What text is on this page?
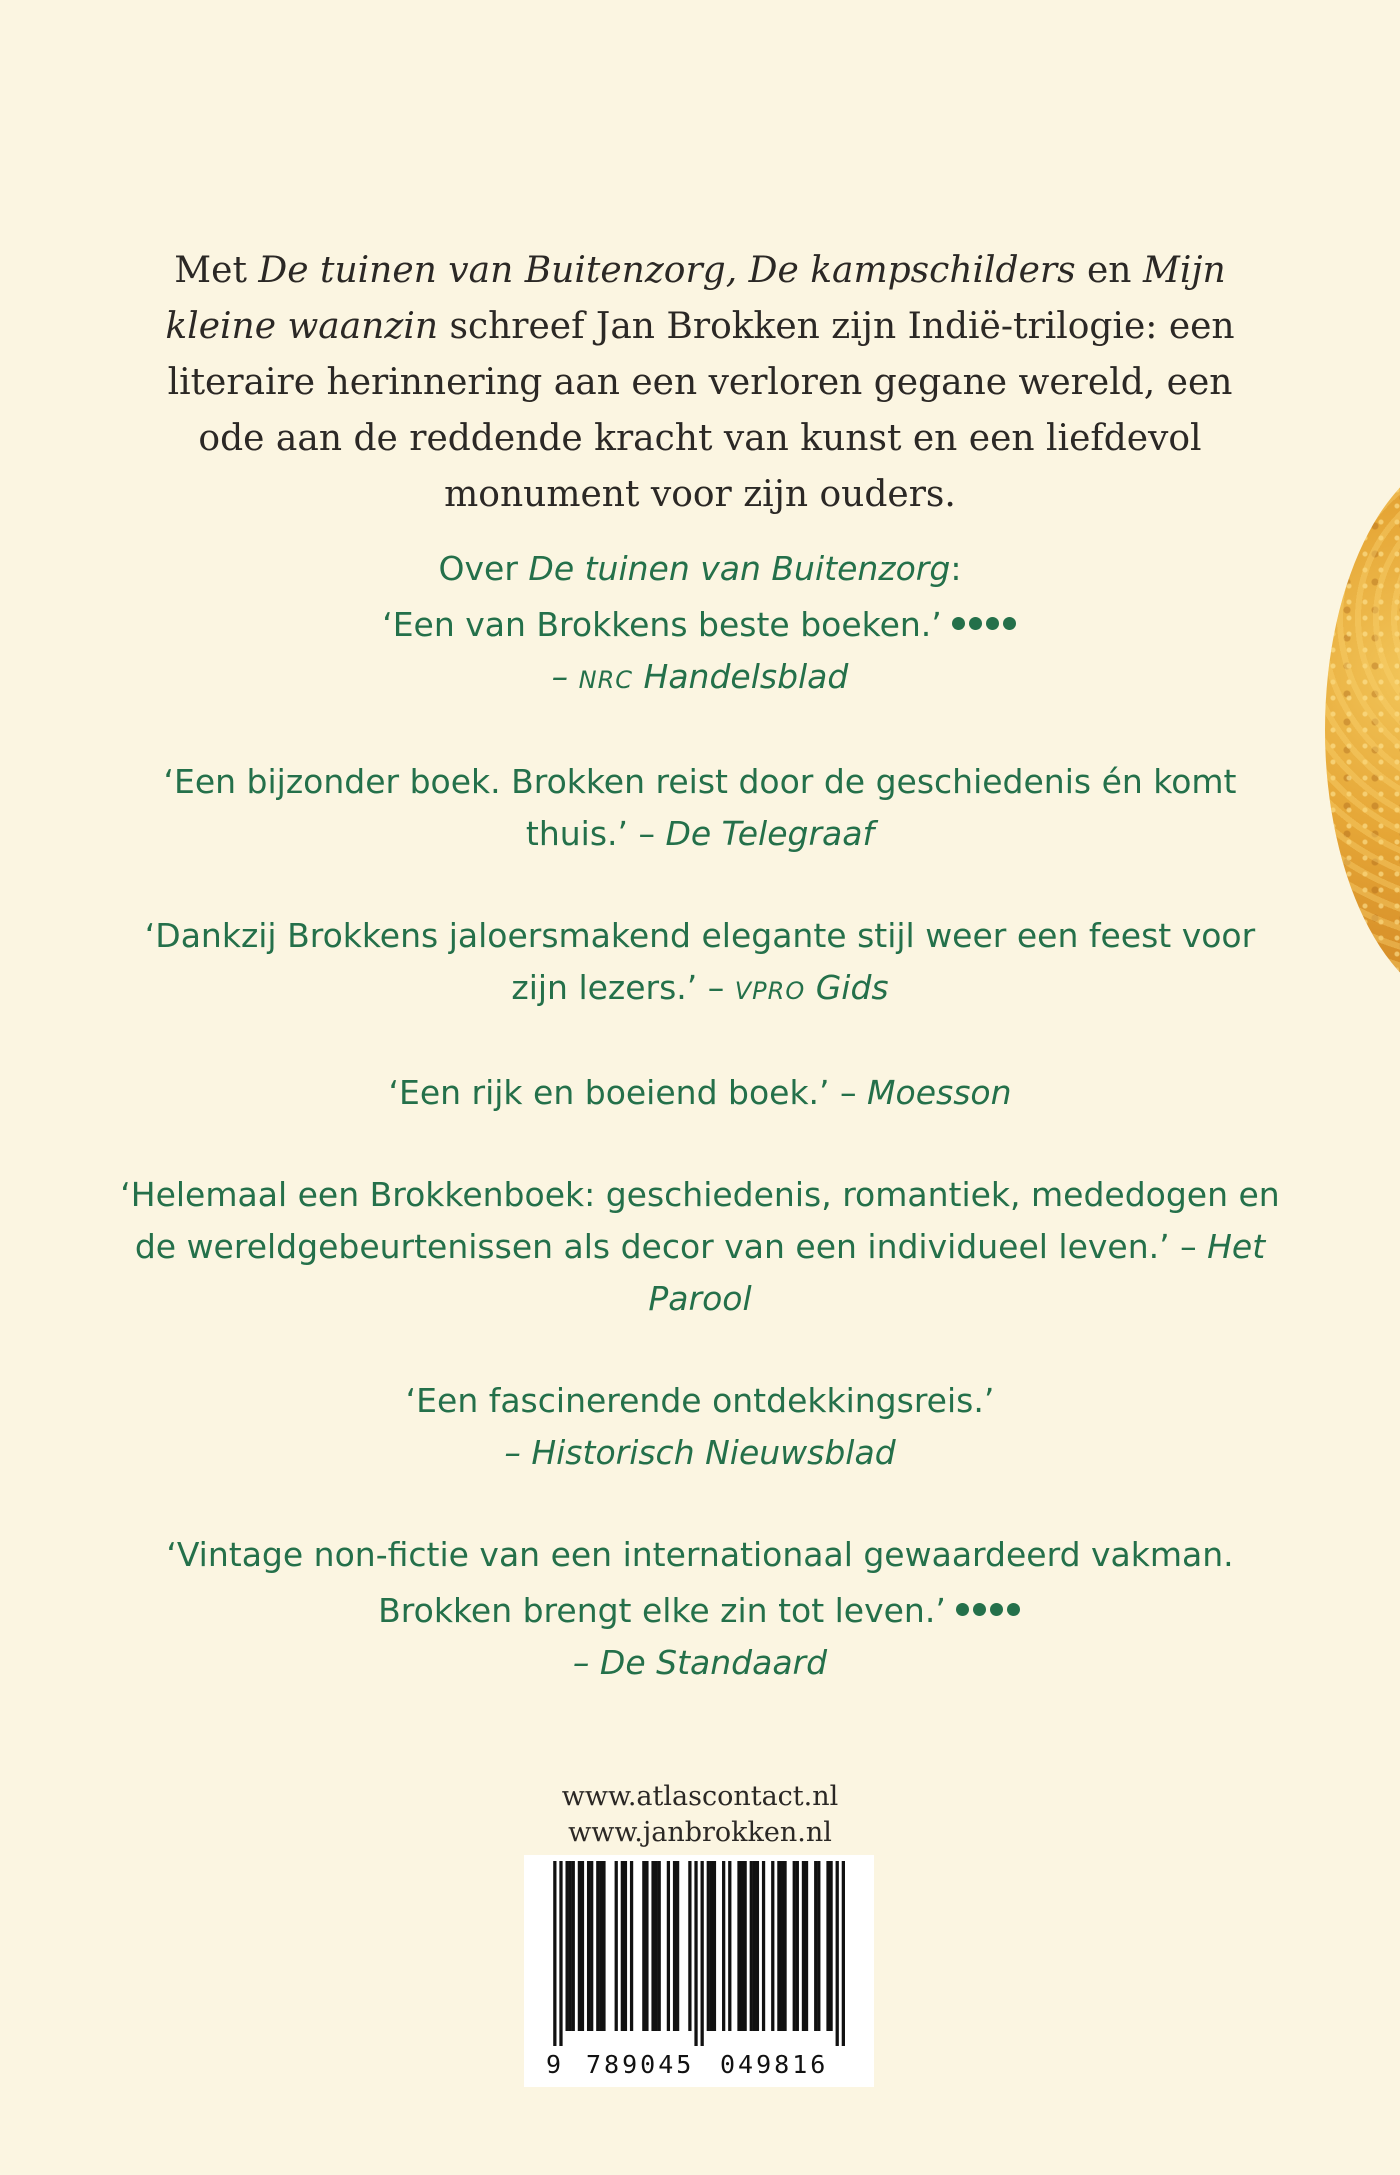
Met De tuinen van Buitenzorg, De kampschilders en Mijn kleine waanzin schreef Jan Brokken zijn Indië-trilogie: een literaire herinnering aan een verloren gegane wereld, een ode aan de reddende kracht van kunst en een liefdevol monument voor zijn ouders.

Over De tuinen van Buitenzorg:
‘Een van Brokkens beste boeken.’
– NRC Handelsblad

‘Een bijzonder boek. Brokken reist door de geschiedenis én komt thuis.’ – De Telegraaf

‘Dankzij Brokkens jaloersmakend elegante stijl weer een feest voor zijn lezers.’ – VPRO Gids

‘Een rijk en boeiend boek.’ – Moesson

‘Helemaal een Brokkenboek: geschiedenis, romantiek, mededogen en de wereldgebeurtenissen als decor van een individueel leven.’ – Het Parool

‘Een fascinerende ontdekkingsreis.’
– Historisch Nieuwsblad

‘Vintage non-fictie van een internationaal gewaardeerd vakman. Brokken brengt elke zin tot leven.’
– De Standaard

www.atlascontact.nl
www.janbrokken.nl
9 789045 049816
